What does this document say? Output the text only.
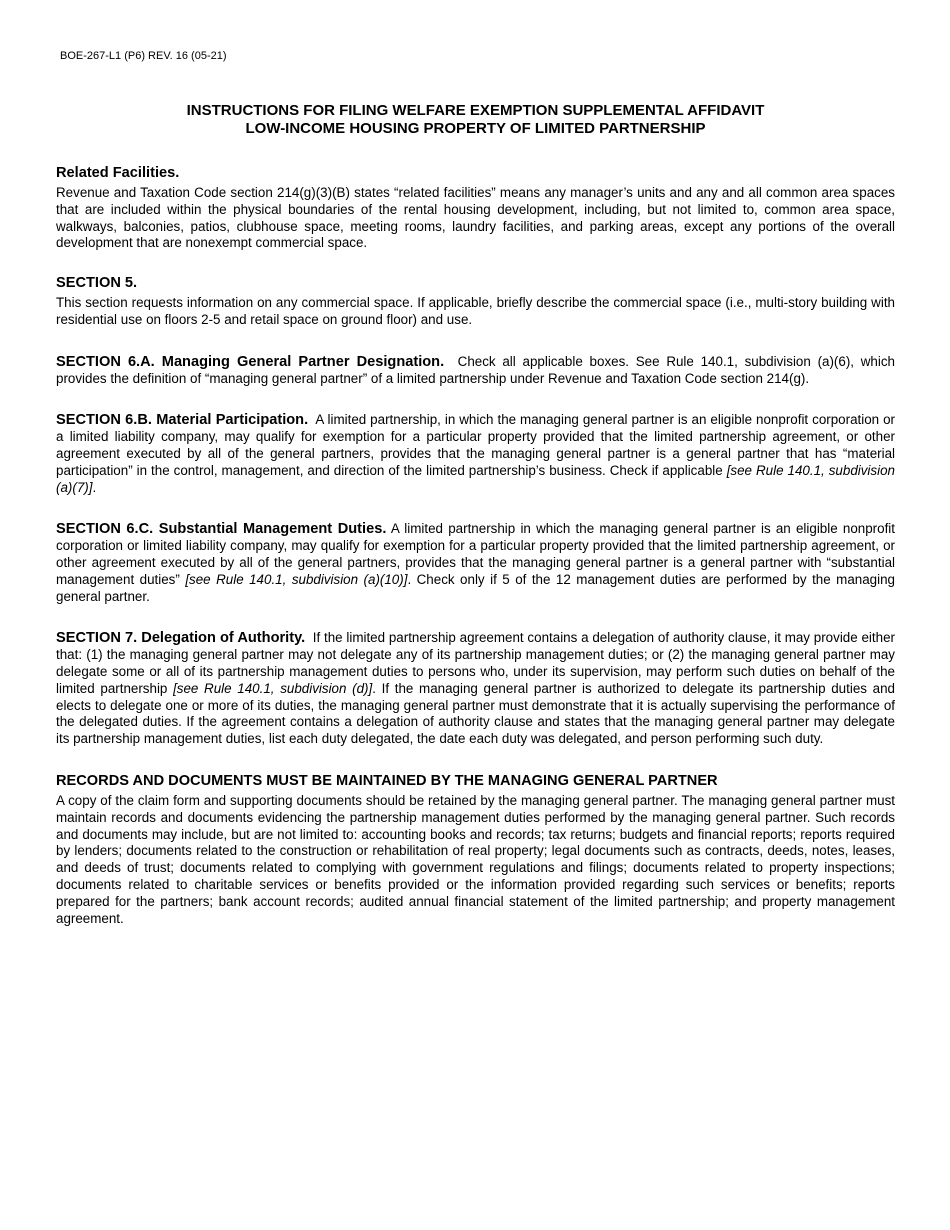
BOE-267-L1 (P6) REV. 16 (05-21)
INSTRUCTIONS FOR FILING WELFARE EXEMPTION SUPPLEMENTAL AFFIDAVIT
LOW-INCOME HOUSING PROPERTY OF LIMITED PARTNERSHIP
Related Facilities.

Revenue and Taxation Code section 214(g)(3)(B) states “related facilities” means any manager’s units and any and all common area spaces that are included within the physical boundaries of the rental housing development, including, but not limited to, common area space, walkways, balconies, patios, clubhouse space, meeting rooms, laundry facilities, and parking areas, except any portions of the overall development that are nonexempt commercial space.

SECTION 5.

This section requests information on any commercial space. If applicable, briefly describe the commercial space (i.e., multi-story building with residential use on floors 2-5 and retail space on ground floor) and use.

SECTION 6.A. Managing General Partner Designation. Check all applicable boxes. See Rule 140.1, subdivision (a)(6), which provides the definition of “managing general partner” of a limited partnership under Revenue and Taxation Code section 214(g).

SECTION 6.B. Material Participation. A limited partnership, in which the managing general partner is an eligible nonprofit corporation or a limited liability company, may qualify for exemption for a particular property provided that the limited partnership agreement, or other agreement executed by all of the general partners, provides that the managing general partner is a general partner that has “material participation” in the control, management, and direction of the limited partnership’s business. Check if applicable [see Rule 140.1, subdivision (a)(7)].

SECTION 6.C. Substantial Management Duties. A limited partnership in which the managing general partner is an eligible nonprofit corporation or limited liability company, may qualify for exemption for a particular property provided that the limited partnership agreement, or other agreement executed by all of the general partners, provides that the managing general partner is a general partner with “substantial management duties” [see Rule 140.1, subdivision (a)(10)]. Check only if 5 of the 12 management duties are performed by the managing general partner.

SECTION 7. Delegation of Authority. If the limited partnership agreement contains a delegation of authority clause, it may provide either that: (1) the managing general partner may not delegate any of its partnership management duties; or (2) the managing general partner may delegate some or all of its partnership management duties to persons who, under its supervision, may perform such duties on behalf of the limited partnership [see Rule 140.1, subdivision (d)]. If the managing general partner is authorized to delegate its partnership duties and elects to delegate one or more of its duties, the managing general partner must demonstrate that it is actually supervising the performance of the delegated duties. If the agreement contains a delegation of authority clause and states that the managing general partner may delegate its partnership management duties, list each duty delegated, the date each duty was delegated, and person performing such duty.

RECORDS AND DOCUMENTS MUST BE MAINTAINED BY THE MANAGING GENERAL PARTNER

A copy of the claim form and supporting documents should be retained by the managing general partner. The managing general partner must maintain records and documents evidencing the partnership management duties performed by the managing general partner. Such records and documents may include, but are not limited to: accounting books and records; tax returns; budgets and financial reports; reports required by lenders; documents related to the construction or rehabilitation of real property; legal documents such as contracts, deeds, notes, leases, and deeds of trust; documents related to complying with government regulations and filings; documents related to property inspections; documents related to charitable services or benefits provided or the information provided regarding such services or benefits; reports prepared for the partners; bank account records; audited annual financial statement of the limited partnership; and property management agreement.
